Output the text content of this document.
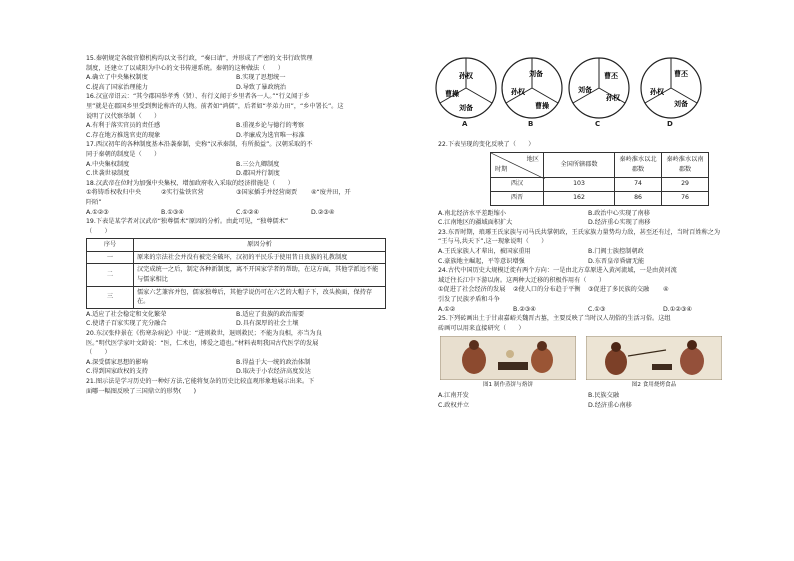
15.秦朝规定各级官僚机构均以文书行政，“奏曰请”，并形成了严密的文书行政管理
制度，还建立了以咸阳为中心的文书传递系统。秦朝的这种做法（　　）
A.确立了中央集权制度	B.实现了思想统一
C.提高了国家治理能力	D.导致了暴政统治
16.汉宣帝诏云：“其令郡国举孝秀（贤）、有行义闻于乡里者各一人。”“行义闻于乡
里”就是在郡国乡里受到舆论称许的人物。前者如“鸿儒”，后者如“孝弟力田”，“乡中署长”。这
说明了汉代察举制（　　）
A.有利于落实官员的责任感	B.重视乡论与德行的考察
C.存在地方推选官吏的现象	D.孝廉成为选官唯一标准
17.西汉初年的各种制度基本沿袭秦制，史称“汉承秦制，有所损益”。汉朝采取的不
同于秦朝的制度是（　　）
A.中央集权制度	B.三公九卿制度
C.世袭世禄制度	D.郡国并行制度
18.汉武帝在位时为加强中央集权、增加政府收入采取的经济措施是（　　）
①将铸币权收归中央	②实行盐铁官营	③国家插手并经营商贾	④“废井田，开
阡陌”
A.①②③	B.①③④	C.①②④	D.②③④
19.下表是某学者对汉武帝“独尊儒术”原因的分析。由此可见，“独尊儒术”
（　　）
序号	原因分析
一	原来的宗法社会并没有被完全破坏，汉初的平民乐于使用昔日贵族的礼教制度
二	汉完成统一之后，制定各种新制度，离不开国家学者的帮助，在这方面，其他学派远不能与儒家相比
三	儒家六艺兼容并包，儒家独尊后，其他学说仍可在六艺的大帽子下，改头换面，保持存在。
A.适应了社会稳定和文化繁荣	B.适应了贵族的政治需要
C.使诸子百家实现了充分融合	D.具有深厚的社会土壤
20.东汉张仲景在《伤寒杂病论》中说：“进则救世，退则救民；不能为良相，亦当为良
医。”明代医学家叶文龄说：“医，仁术也，博爱之道也。”材料表明我国古代医学的发展
（　　）
A.深受儒家思想的影响	B.得益于大一统的政治体制
C.得到国家政权的支持	D.取决于小农经济高度发达
21.图示法是学习历史的一种好方法,它能将复杂的历史比较直观形象地展示出来。下
面哪一幅图反映了三国鼎立的形势(　　)
孙权
曹操
刘备
刘备
孙权
曹操
曹丕
刘备
孙权
曹丕
孙权
刘备
A	B	C	D
22.下表呈现的变化反映了（　　）
地区
时期	全国所辖郡数	秦岭淮水以北郡数	秦岭淮水以南郡数
西汉	103	74	29
西晋	162	86	76
A.南北经济水平差距缩小	B.政治中心实现了南移
C.江南地区的疆域面积扩大	D.经济重心实现了南移
23.东晋时期，琅琊王氏家族与司马氏共掌朝政，王氏家族力量势均力敌，甚至还有过，当时百姓称之为
“王与马,共天下”,这一现象说明（　　）
A.王氏家族人才辈出，被国家重用	B.门阀士族控制朝政
C.豪族地主崛起，平等意识增强	D.东晋皇帝昏庸无能
24.古代中国历史大规模迁徙有两个方向：一是由北方草原进入黄河流域，一是由黄河流
域迁往长江中下游以南。这两种大迁移的积极作用有（　　）
①促进了社会经济的发展	②使人口的分布趋于平衡	③促进了多民族的交融	④
引发了民族矛盾和斗争
A.①②	B.②③④	C.①③	D.①②③④
25.下列砖画出土于甘肃嘉峪关魏晋古墓，主要反映了当时汉人胡俗的生活习俗。这组
砖画可以用来直接研究（　　）
图1 制作蒸饼与烙饼	图2 食用烧烤食品
A.江南开发	B.民族交融
C.政权并立	D.经济重心南移
